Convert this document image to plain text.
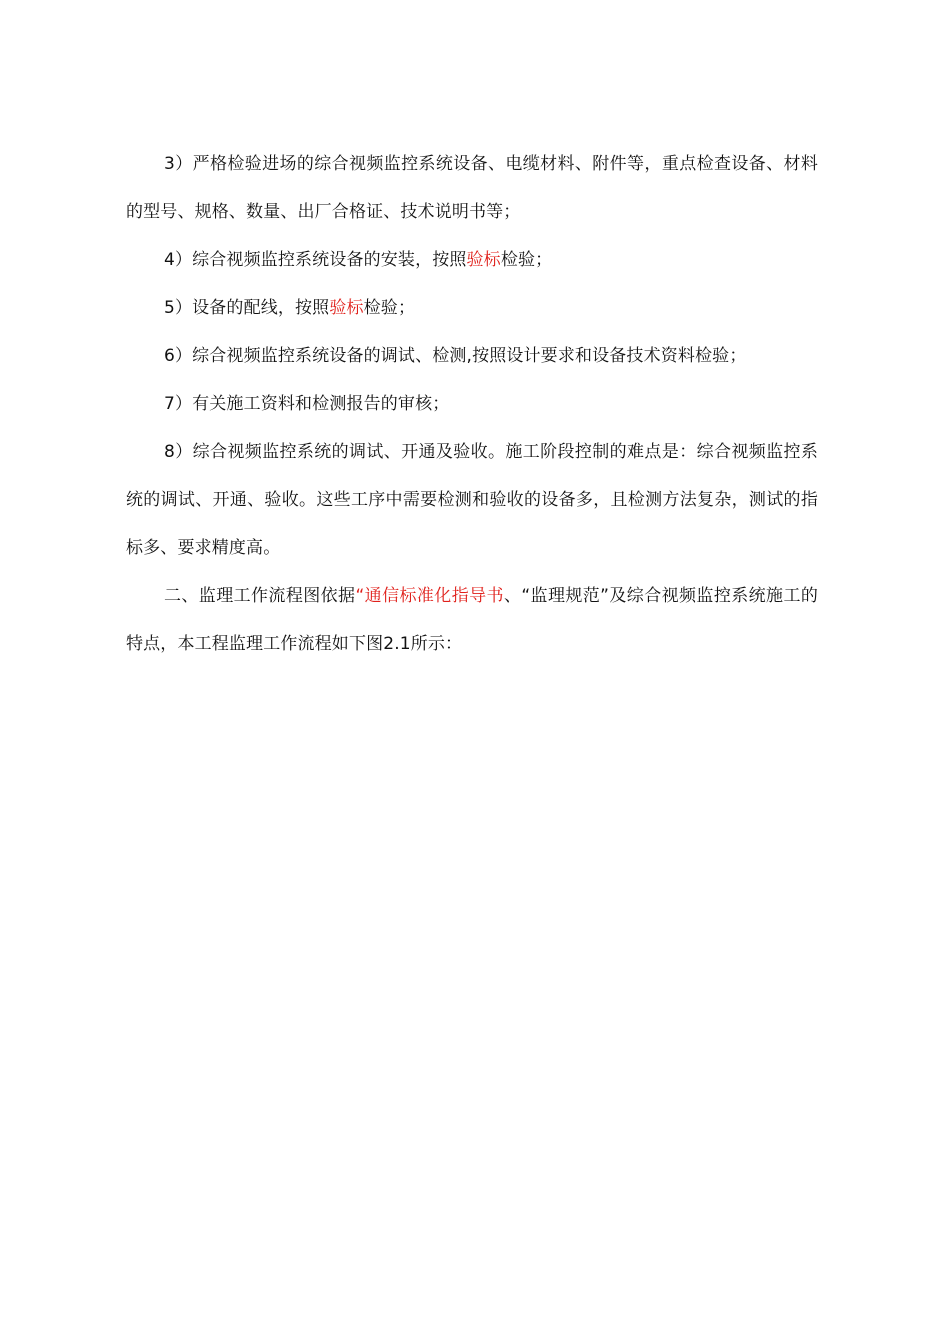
3）严格检验进场的综合视频监控系统设备、电缆材料、附件等，重点检查设备、材料的型号、规格、数量、出厂合格证、技术说明书等；

4）综合视频监控系统设备的安装，按照验标检验；

5）设备的配线，按照验标检验；

6）综合视频监控系统设备的调试、检测,按照设计要求和设备技术资料检验；

7）有关施工资料和检测报告的审核；

8）综合视频监控系统的调试、开通及验收。施工阶段控制的难点是：综合视频监控系统的调试、开通、验收。这些工序中需要检测和验收的设备多，且检测方法复杂，测试的指标多、要求精度高。

二、监理工作流程图依据“通信标准化指导书、“监理规范”及综合视频监控系统施工的特点，本工程监理工作流程如下图2.1所示：
